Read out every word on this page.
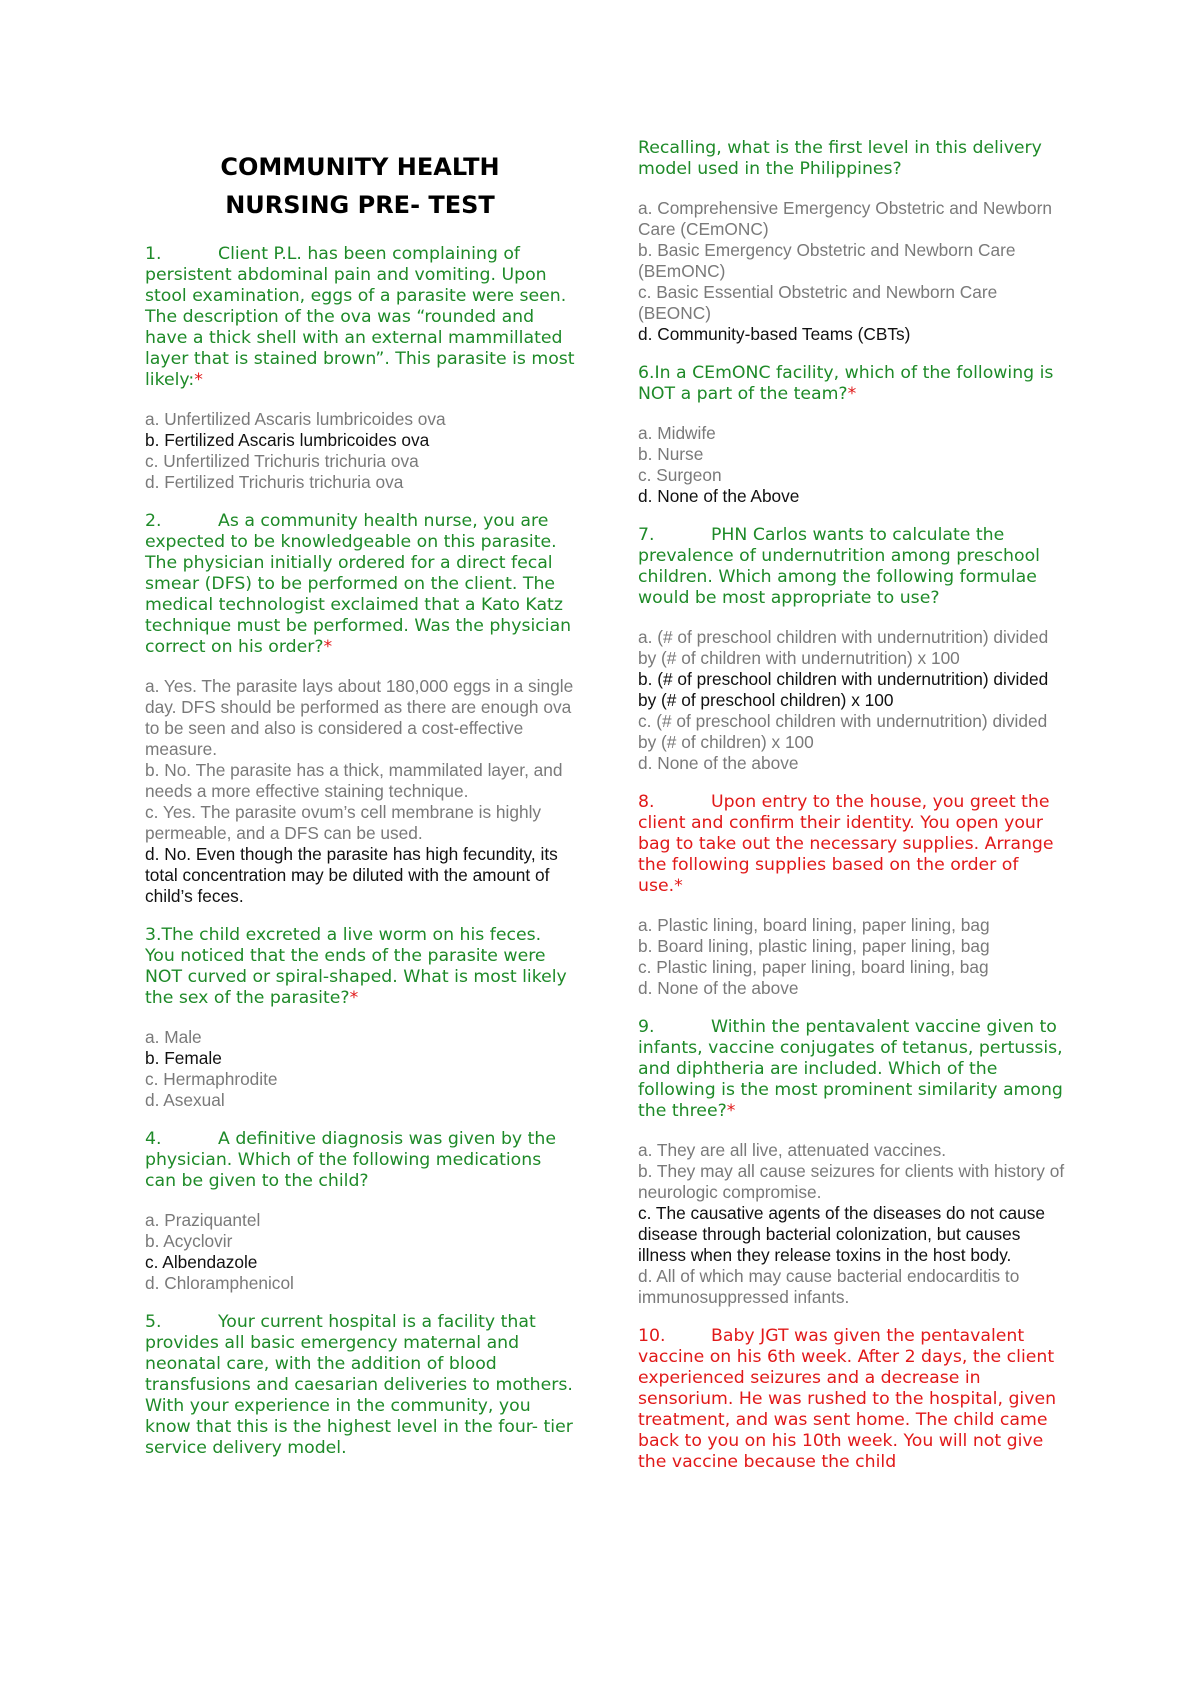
COMMUNITY HEALTH
NURSING PRE- TEST
1.	Client P.L. has been complaining of persistent abdominal pain and vomiting. Upon stool examination, eggs of a parasite were seen. The description of the ova was “rounded and have a thick shell with an external mammillated layer that is stained brown”. This parasite is most likely:*
a. Unfertilized Ascaris lumbricoides ova
b. Fertilized Ascaris lumbricoides ova
c. Unfertilized Trichuris trichuria ova
d. Fertilized Trichuris trichuria ova
2.	As a community health nurse, you are expected to be knowledgeable on this parasite. The physician initially ordered for a direct fecal smear (DFS) to be performed on the client. The medical technologist exclaimed that a Kato Katz technique must be performed. Was the physician correct on his order?*
a. Yes. The parasite lays about 180,000 eggs in a single day. DFS should be performed as there are enough ova to be seen and also is considered a cost-effective measure.
b. No. The parasite has a thick, mammilated layer, and needs a more effective staining technique.
c. Yes. The parasite ovum’s cell membrane is highly permeable, and a DFS can be used.
d. No. Even though the parasite has high fecundity, its total concentration may be diluted with the amount of child’s feces.
3.The child excreted a live worm on his feces. You noticed that the ends of the parasite were NOT curved or spiral-shaped. What is most likely the sex of the parasite?*
a. Male
b. Female
c. Hermaphrodite
d. Asexual
4.	A definitive diagnosis was given by the physician. Which of the following medications can be given to the child?
a. Praziquantel
b. Acyclovir
c. Albendazole
d. Chloramphenicol
5.	Your current hospital is a facility that provides all basic emergency maternal and neonatal care, with the addition of blood transfusions and caesarian deliveries to mothers. With your experience in the community, you know that this is the highest level in the four- tier service delivery model.
Recalling, what is the first level in this delivery model used in the Philippines?
a. Comprehensive Emergency Obstetric and Newborn Care (CEmONC)
b. Basic Emergency Obstetric and Newborn Care (BEmONC)
c. Basic Essential Obstetric and Newborn Care (BEONC)
d. Community-based Teams (CBTs)
6.In a CEmONC facility, which of the following is NOT a part of the team?*
a. Midwife
b. Nurse
c. Surgeon
d. None of the Above
7.	PHN Carlos wants to calculate the prevalence of undernutrition among preschool children. Which among the following formulae would be most appropriate to use?
a. (# of preschool children with undernutrition) divided by (# of children with undernutrition) x 100
b. (# of preschool children with undernutrition) divided by (# of preschool children) x 100
c. (# of preschool children with undernutrition) divided by (# of children) x 100
d. None of the above
8.	Upon entry to the house, you greet the client and confirm their identity. You open your bag to take out the necessary supplies. Arrange the following supplies based on the order of use.*
a. Plastic lining, board lining, paper lining, bag
b. Board lining, plastic lining, paper lining, bag
c. Plastic lining, paper lining, board lining, bag
d. None of the above
9.	Within the pentavalent vaccine given to infants, vaccine conjugates of tetanus, pertussis, and diphtheria are included. Which of the following is the most prominent similarity among the three?*
a. They are all live, attenuated vaccines.
b. They may all cause seizures for clients with history of neurologic compromise.
c. The causative agents of the diseases do not cause disease through bacterial colonization, but causes illness when they release toxins in the host body.
d. All of which may cause bacterial endocarditis to immunosuppressed infants.
10.	Baby JGT was given the pentavalent vaccine on his 6th week. After 2 days, the client experienced seizures and a decrease in sensorium. He was rushed to the hospital, given treatment, and was sent home. The child came back to you on his 10th week. You will not give the vaccine because the child
